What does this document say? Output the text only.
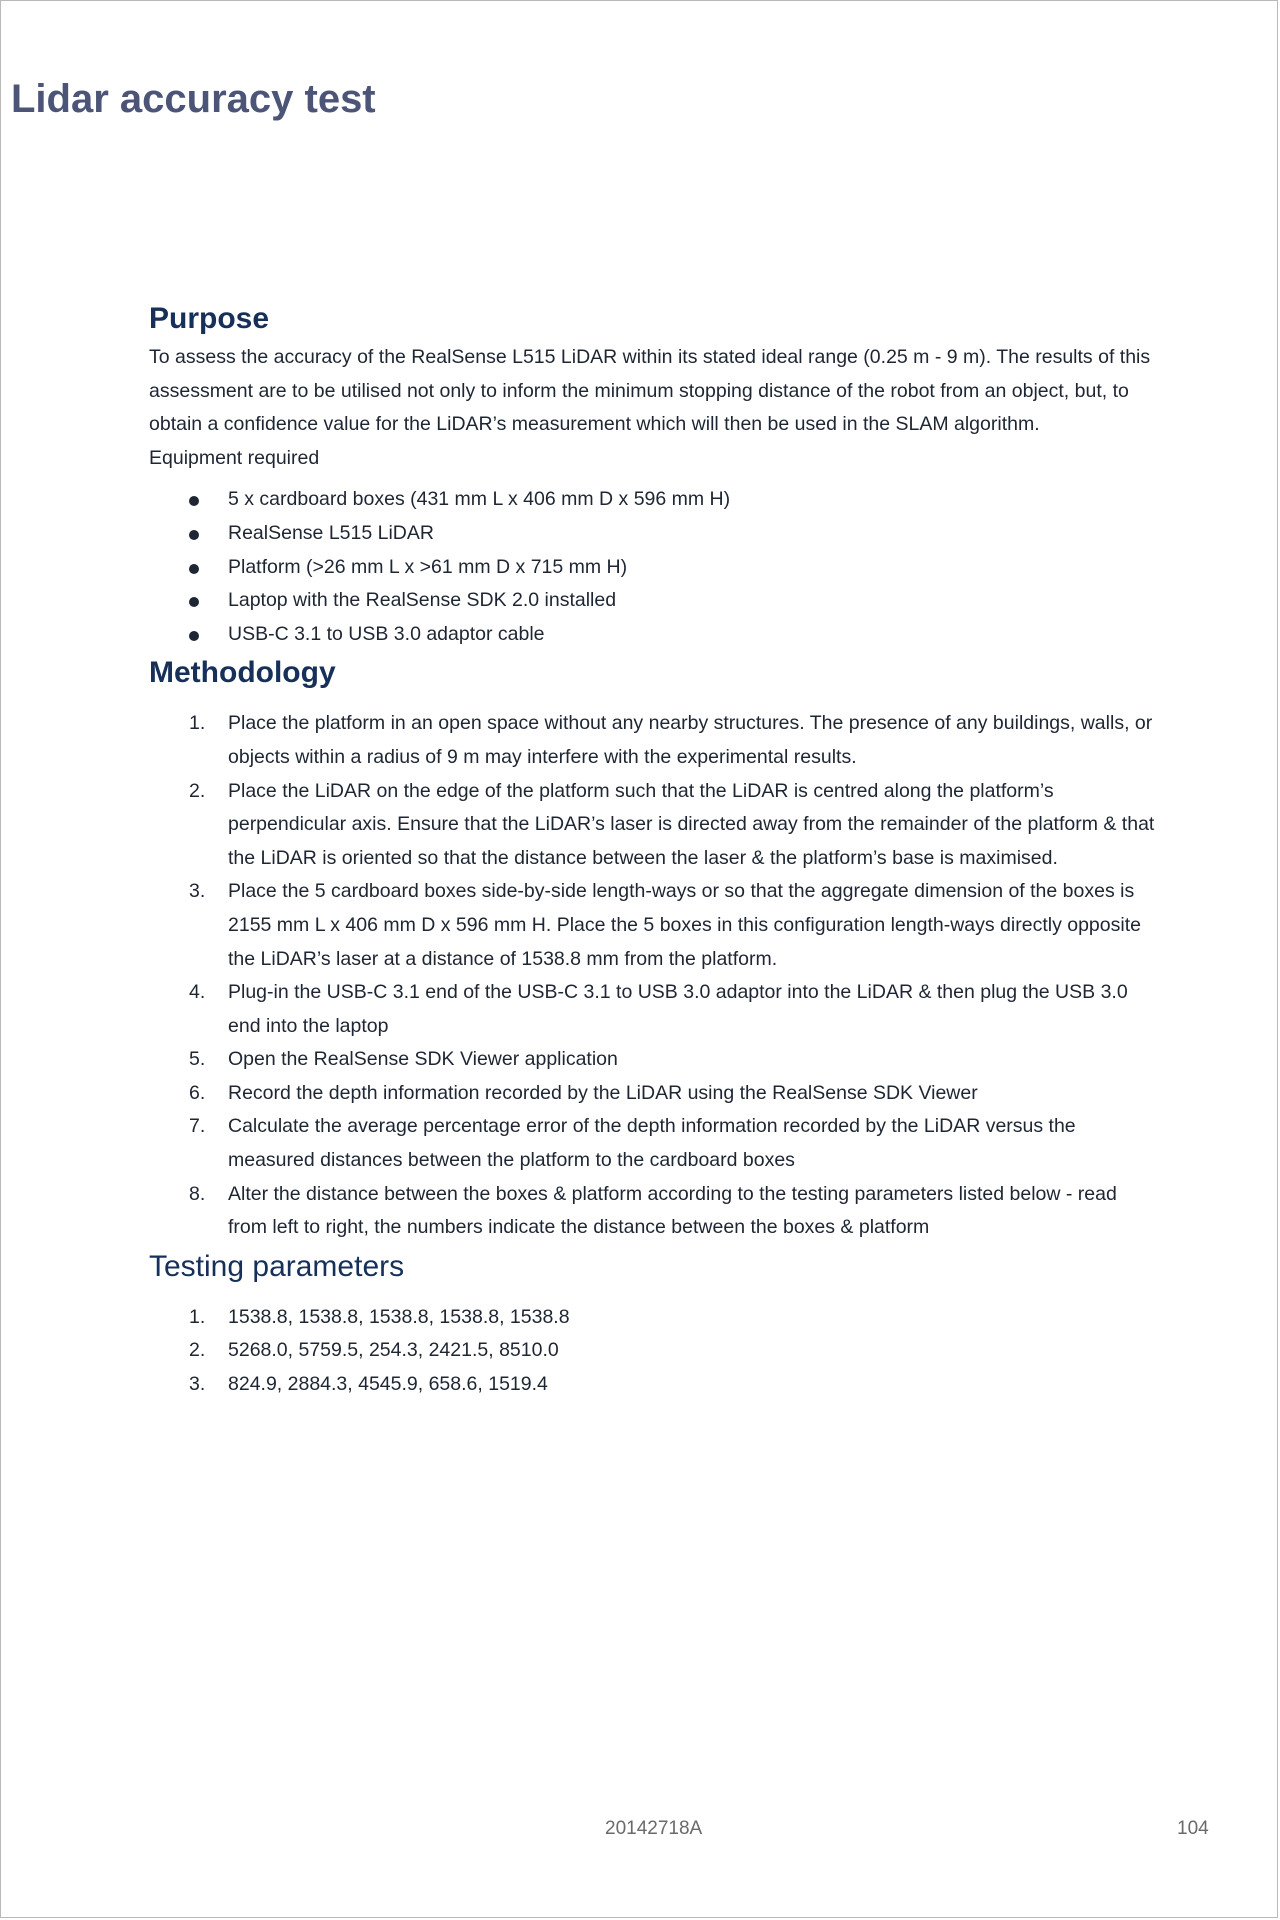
Lidar accuracy test
Purpose

To assess the accuracy of the RealSense L515 LiDAR within its stated ideal range (0.25 m - 9 m). The results of this assessment are to be utilised not only to inform the minimum stopping distance of the robot from an object, but, to obtain a confidence value for the LiDAR’s measurement which will then be used in the SLAM algorithm.

Equipment required

5 x cardboard boxes (431 mm L x 406 mm D x 596 mm H)
RealSense L515 LiDAR
Platform (>26 mm L x >61 mm D x 715 mm H)
Laptop with the RealSense SDK 2.0 installed
USB-C 3.1 to USB 3.0 adaptor cable
Methodology
1. Place the platform in an open space without any nearby structures. The presence of any buildings, walls, or objects within a radius of 9 m may interfere with the experimental results.
2. Place the LiDAR on the edge of the platform such that the LiDAR is centred along the platform’s perpendicular axis. Ensure that the LiDAR’s laser is directed away from the remainder of the platform & that the LiDAR is oriented so that the distance between the laser & the platform’s base is maximised.
3. Place the 5 cardboard boxes side-by-side length-ways or so that the aggregate dimension of the boxes is 2155 mm L x 406 mm D x 596 mm H. Place the 5 boxes in this configuration length-ways directly opposite the LiDAR’s laser at a distance of 1538.8 mm from the platform.
4. Plug-in the USB-C 3.1 end of the USB-C 3.1 to USB 3.0 adaptor into the LiDAR & then plug the USB 3.0 end into the laptop
5. Open the RealSense SDK Viewer application
6. Record the depth information recorded by the LiDAR using the RealSense SDK Viewer
7. Calculate the average percentage error of the depth information recorded by the LiDAR versus the measured distances between the platform to the cardboard boxes
8. Alter the distance between the boxes & platform according to the testing parameters listed below - read from left to right, the numbers indicate the distance between the boxes & platform
Testing parameters
1. 1538.8, 1538.8, 1538.8, 1538.8, 1538.8
2. 5268.0, 5759.5, 254.3, 2421.5, 8510.0
3. 824.9, 2884.3, 4545.9, 658.6, 1519.4
20142718A	104
